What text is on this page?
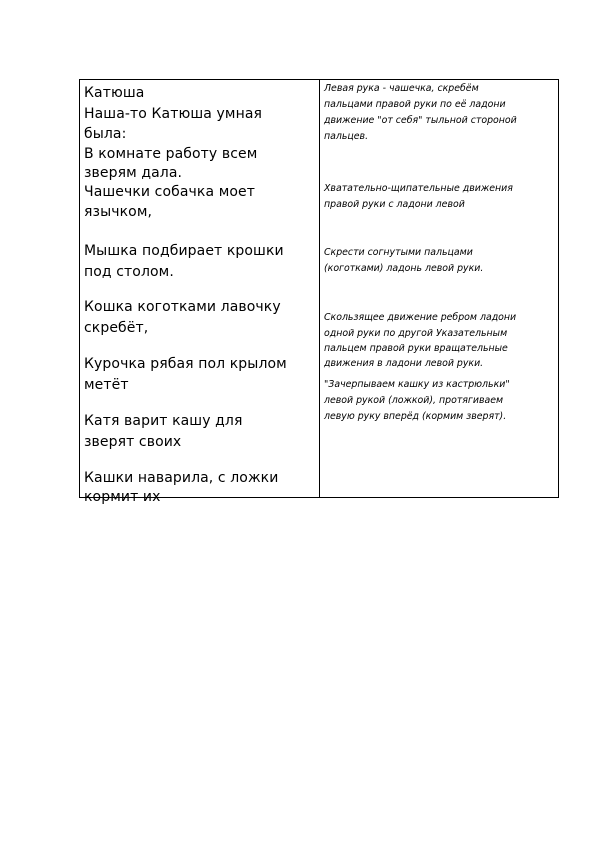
Катюша
Наша-то Катюша умная
была:
В комнате работу всем
зверям дала.
Чашечки собачка моет
язычком,
Мышка подбирает крошки
под столом.
Кошка коготками лавочку
скребёт,
Курочка рябая пол крылом
метёт
Катя варит кашу для
зверят своих
Кашки наварила, с ложки
кормит их
Левая рука - чашечка, скребём
пальцами правой руки по её ладони
движение "от себя" тыльной стороной
пальцев.
Хватательно-щипательные движения
правой руки с ладони левой
Скрести согнутыми пальцами
(коготками) ладонь левой руки.
Скользящее движение ребром ладони
одной руки по другой Указательным
пальцем правой руки вращательные
движения в ладони левой руки.
"Зачерпываем кашку из кастрюльки"
левой рукой (ложкой), протягиваем
левую руку вперёд (кормим зверят).
